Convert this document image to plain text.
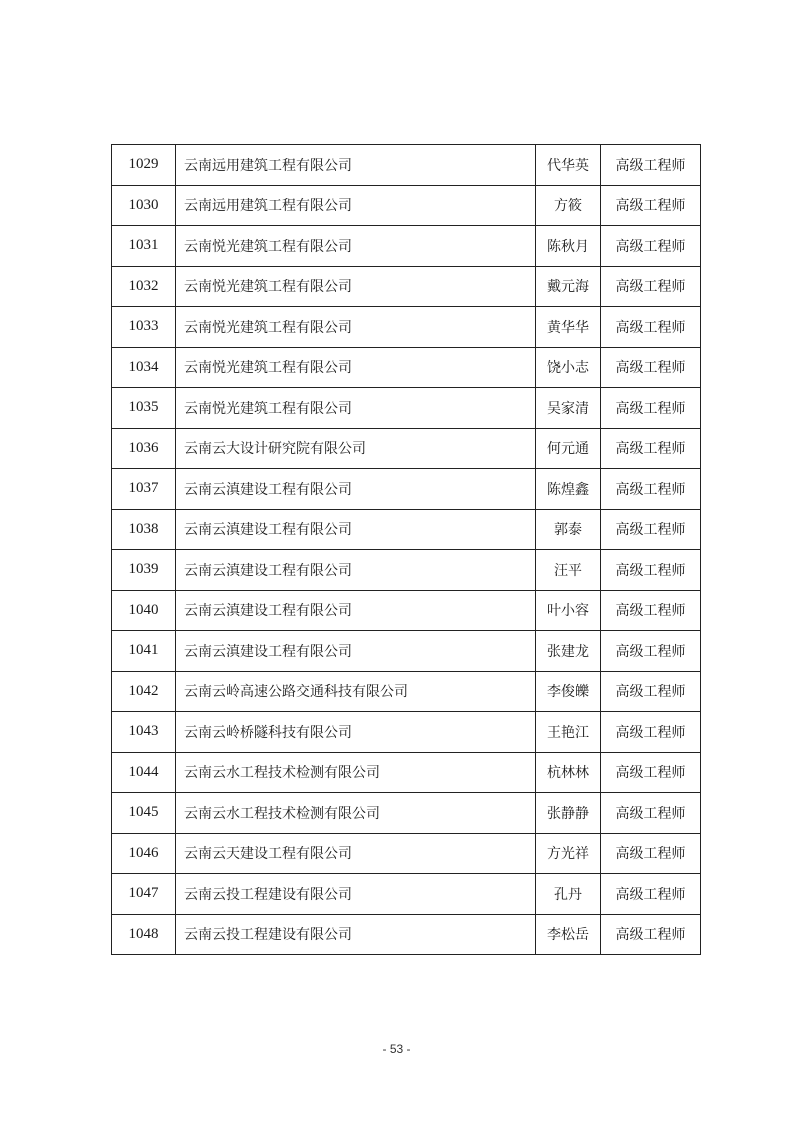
1029	云南远用建筑工程有限公司	代华英	高级工程师
1030	云南远用建筑工程有限公司	方筱	高级工程师
1031	云南悦光建筑工程有限公司	陈秋月	高级工程师
1032	云南悦光建筑工程有限公司	戴元海	高级工程师
1033	云南悦光建筑工程有限公司	黄华华	高级工程师
1034	云南悦光建筑工程有限公司	饶小志	高级工程师
1035	云南悦光建筑工程有限公司	吴家清	高级工程师
1036	云南云大设计研究院有限公司	何元通	高级工程师
1037	云南云滇建设工程有限公司	陈煌鑫	高级工程师
1038	云南云滇建设工程有限公司	郭泰	高级工程师
1039	云南云滇建设工程有限公司	汪平	高级工程师
1040	云南云滇建设工程有限公司	叶小容	高级工程师
1041	云南云滇建设工程有限公司	张建龙	高级工程师
1042	云南云岭高速公路交通科技有限公司	李俊皪	高级工程师
1043	云南云岭桥隧科技有限公司	王艳江	高级工程师
1044	云南云水工程技术检测有限公司	杭林林	高级工程师
1045	云南云水工程技术检测有限公司	张静静	高级工程师
1046	云南云天建设工程有限公司	方光祥	高级工程师
1047	云南云投工程建设有限公司	孔丹	高级工程师
1048	云南云投工程建设有限公司	李松岳	高级工程师
- 53 -
